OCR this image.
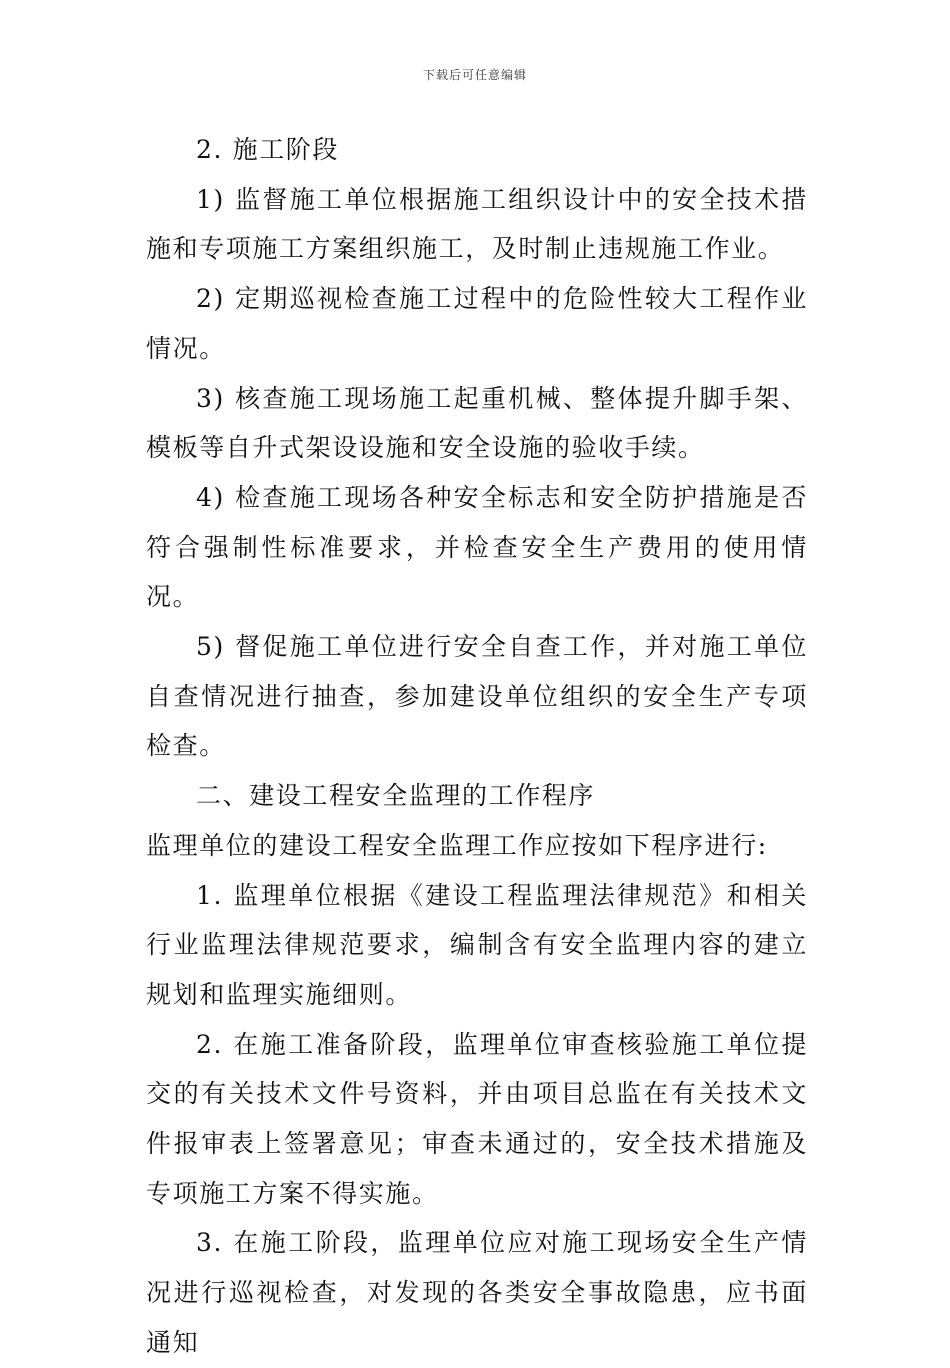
下载后可任意编辑

2. 施工阶段

1) 监督施工单位根据施工组织设计中的安全技术措施和专项施工方案组织施工，及时制止违规施工作业。

2) 定期巡视检查施工过程中的危险性较大工程作业情况。

3) 核查施工现场施工起重机械、整体提升脚手架、模板等自升式架设设施和安全设施的验收手续。

4) 检查施工现场各种安全标志和安全防护措施是否符合强制性标准要求，并检查安全生产费用的使用情况。

5) 督促施工单位进行安全自查工作，并对施工单位自查情况进行抽查，参加建设单位组织的安全生产专项检查。

二、建设工程安全监理的工作程序

监理单位的建设工程安全监理工作应按如下程序进行:

1. 监理单位根据《建设工程监理法律规范》和相关行业监理法律规范要求，编制含有安全监理内容的建立规划和监理实施细则。

2. 在施工准备阶段，监理单位审查核验施工单位提交的有关技术文件号资料，并由项目总监在有关技术文件报审表上签署意见；审查未通过的，安全技术措施及专项施工方案不得实施。

3. 在施工阶段，监理单位应对施工现场安全生产情况进行巡视检查，对发现的各类安全事故隐患，应书面通知
